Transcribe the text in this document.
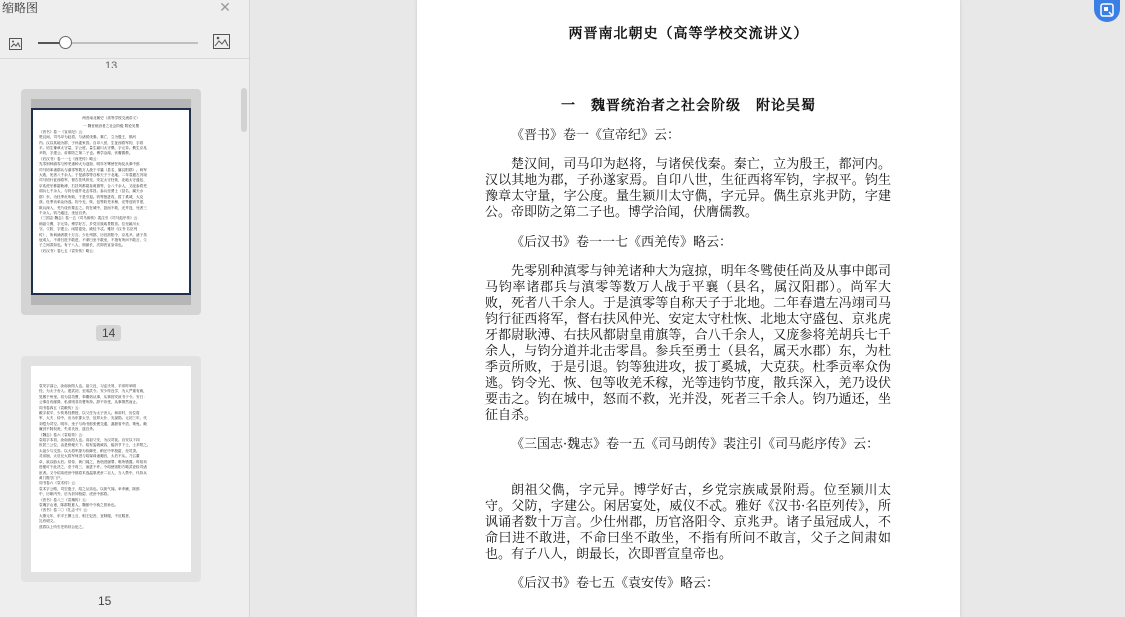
缩略图	✕
13
两晋南北朝史（高等学校交流讲义）
一 魏晋统治者之社会阶级 附论吴蜀
《晋书》卷一《宣帝纪》云：
楚汉间，司马卬为赵将，与诸侯伐秦。秦亡，立为殷王，都河
内。汉以其地为郡，子孙遂家焉。自卬八世，生征西将军钧，字叔
平。钧生豫章太守量，字公度。量生颍川太守儁，字元异。儁生京兆
尹防，字建公。帝即防之第二子也。博学洽闻，伏膺儒教。
《后汉书》卷一一七《西羌传》略云：
先零别种滇零与钟羌诸种大为寇掠，明年冬骘使任尚及从事中郎
司马钧率诸郡兵与滇零等数万人战于平襄（县名，属汉阳郡）。尚军
大败，死者八千余人。于是滇零等自称天子于北地。二年春遣左冯翊
司马钧行征西将军，督右扶风仲光、安定太守杜恢、北地太守盛包、
京兆虎牙都尉耿溥、右扶风都尉皇甫旗等，合八千余人，又庞参将羌
胡兵七千余人，与钧分道并北击零昌。参兵至勇士（县名，属天水
郡）东，为杜季贡所败，于是引退。钧等独进攻，拔丁奚城，大克
获。杜季贡率众伪逃。钧令光、恢、包等收羌禾稼，光等违钧节度，
散兵深入，羌乃设伏要击之。钧在城中，怒而不救，光并没，死者三
千余人。钧乃遁还，坐征自杀。
《三国志·魏志》卷一五《司马朗传》裴注引《司马彪序传》云：
朗祖父儁，字元异。博学好古，乡党宗族咸景附焉。位至颍川太
守。父防，字建公。闲居宴处，威仪不忒。雅好《汉书·名臣列
传》，所讽诵者数十万言。少仕州郡，历官洛阳令、京兆尹。诸子虽
冠成人，不命曰进不敢进，不命曰坐不敢坐，不指有所问不敢言，父
子之间肃如也。有子八人，朗最长，次即晋宣皇帝也。
《后汉书》卷七五《袁安传》略云：
14
袁安字邵公，汝南汝阳人也。祖父良，习孟氏易，平帝时举明
经，为太子舍人。建武初，至成武令。安少传良学，为人严重有威，
见敬于州里。初为县功曹，奉檄诣从事，从事因安致书于令。安曰：
公事自有邮驿，私请则非功曹所持。辞不肯受，从事惧然而止。
同书卷四五《袁敞传》云：
敞字叔平，少传易经教授，以父任为太子舍人。和帝时，历位将
军、大夫、侍中，出为东郡太守，征拜太仆、光禄勋。元初三年，代
刘恺为司空。明年，坐子与尚书郎张俊交通，漏泄省中语，策免。敞
廉劲不阿权贵，失邓氏旨，遂自杀。
《魏志》卷六《袁绍传》云：
袁绍字本初，汝南汝阳人也。高祖父安，为汉司徒。自安以下四
世居三公位，由是势倾天下。绍有姿貌威容，能折节下士，士多附之。
太祖少与交焉。以大将军掾为侍御史，稍迁中军校尉，至司隶。
灵帝崩，太后兄大将军何进与绍谋诛诸阉官，太后不从。乃召董
卓，欲以胁太后。常侍、黄门闻之，皆诣进谢罪，唯所错置。时绍劝
进便可于此决之，至于再三，而进不许。令绍使洛阳方略武吏检司诸
宦者。又令绍弟虎贲中郎将术选温厚虎贲二百人，当入禁中，代持兵
黄门陛守门户。
同书卷六《袁术传》云：
袁术字公路，司空逢子，绍之从弟也。以侠气闻。举孝廉，除郎
中，历职内外，后为折冲校尉、虎贲中郎将。
《晋书》卷八三《袁瑰传》云：
袁瑰字山甫，陈郡阳夏人，魏郎中令涣之曾孙也。
《晋书》卷二〇《礼志·中》云：
大康元年，东平王楙上言，相王妃丧，宜制服，不应服者，
礼有明文。
兹将以上所引史料综合论之。
15
两晋南北朝史（高等学校交流讲义）
一　魏晋统治者之社会阶级　附论吴蜀
《晋书》卷一《宣帝纪》云：
楚汉间，司马卬为赵将，与诸侯伐秦。秦亡，立为殷王，都河内。汉以其地为郡，子孙遂家焉。自卬八世，生征西将军钧，字叔平。钧生豫章太守量，字公度。量生颍川太守儁，字元异。儁生京兆尹防，字建公。帝即防之第二子也。博学洽闻，伏膺儒教。
《后汉书》卷一一七《西羌传》略云：
先零别种滇零与钟羌诸种大为寇掠，明年冬骘使任尚及从事中郎司马钧率诸郡兵与滇零等数万人战于平襄（县名，属汉阳郡）。尚军大败，死者八千余人。于是滇零等自称天子于北地。二年春遣左冯翊司马钧行征西将军，督右扶风仲光、安定太守杜恢、北地太守盛包、京兆虎牙都尉耿溥、右扶风都尉皇甫旗等，合八千余人，又庞参将羌胡兵七千余人，与钧分道并北击零昌。参兵至勇士（县名，属天水郡）东，为杜季贡所败，于是引退。钧等独进攻，拔丁奚城，大克获。杜季贡率众伪逃。钧令光、恢、包等收羌禾稼，光等违钧节度，散兵深入，羌乃设伏要击之。钧在城中，怒而不救，光并没，死者三千余人。钧乃遁还，坐征自杀。
《三国志·魏志》卷一五《司马朗传》裴注引《司马彪序传》云：
朗祖父儁，字元异。博学好古，乡党宗族咸景附焉。位至颍川太守。父防，字建公。闲居宴处，威仪不忒。雅好《汉书·名臣列传》，所讽诵者数十万言。少仕州郡，历官洛阳令、京兆尹。诸子虽冠成人，不命曰进不敢进，不命曰坐不敢坐，不指有所问不敢言，父子之间肃如也。有子八人，朗最长，次即晋宣皇帝也。
《后汉书》卷七五《袁安传》略云：
